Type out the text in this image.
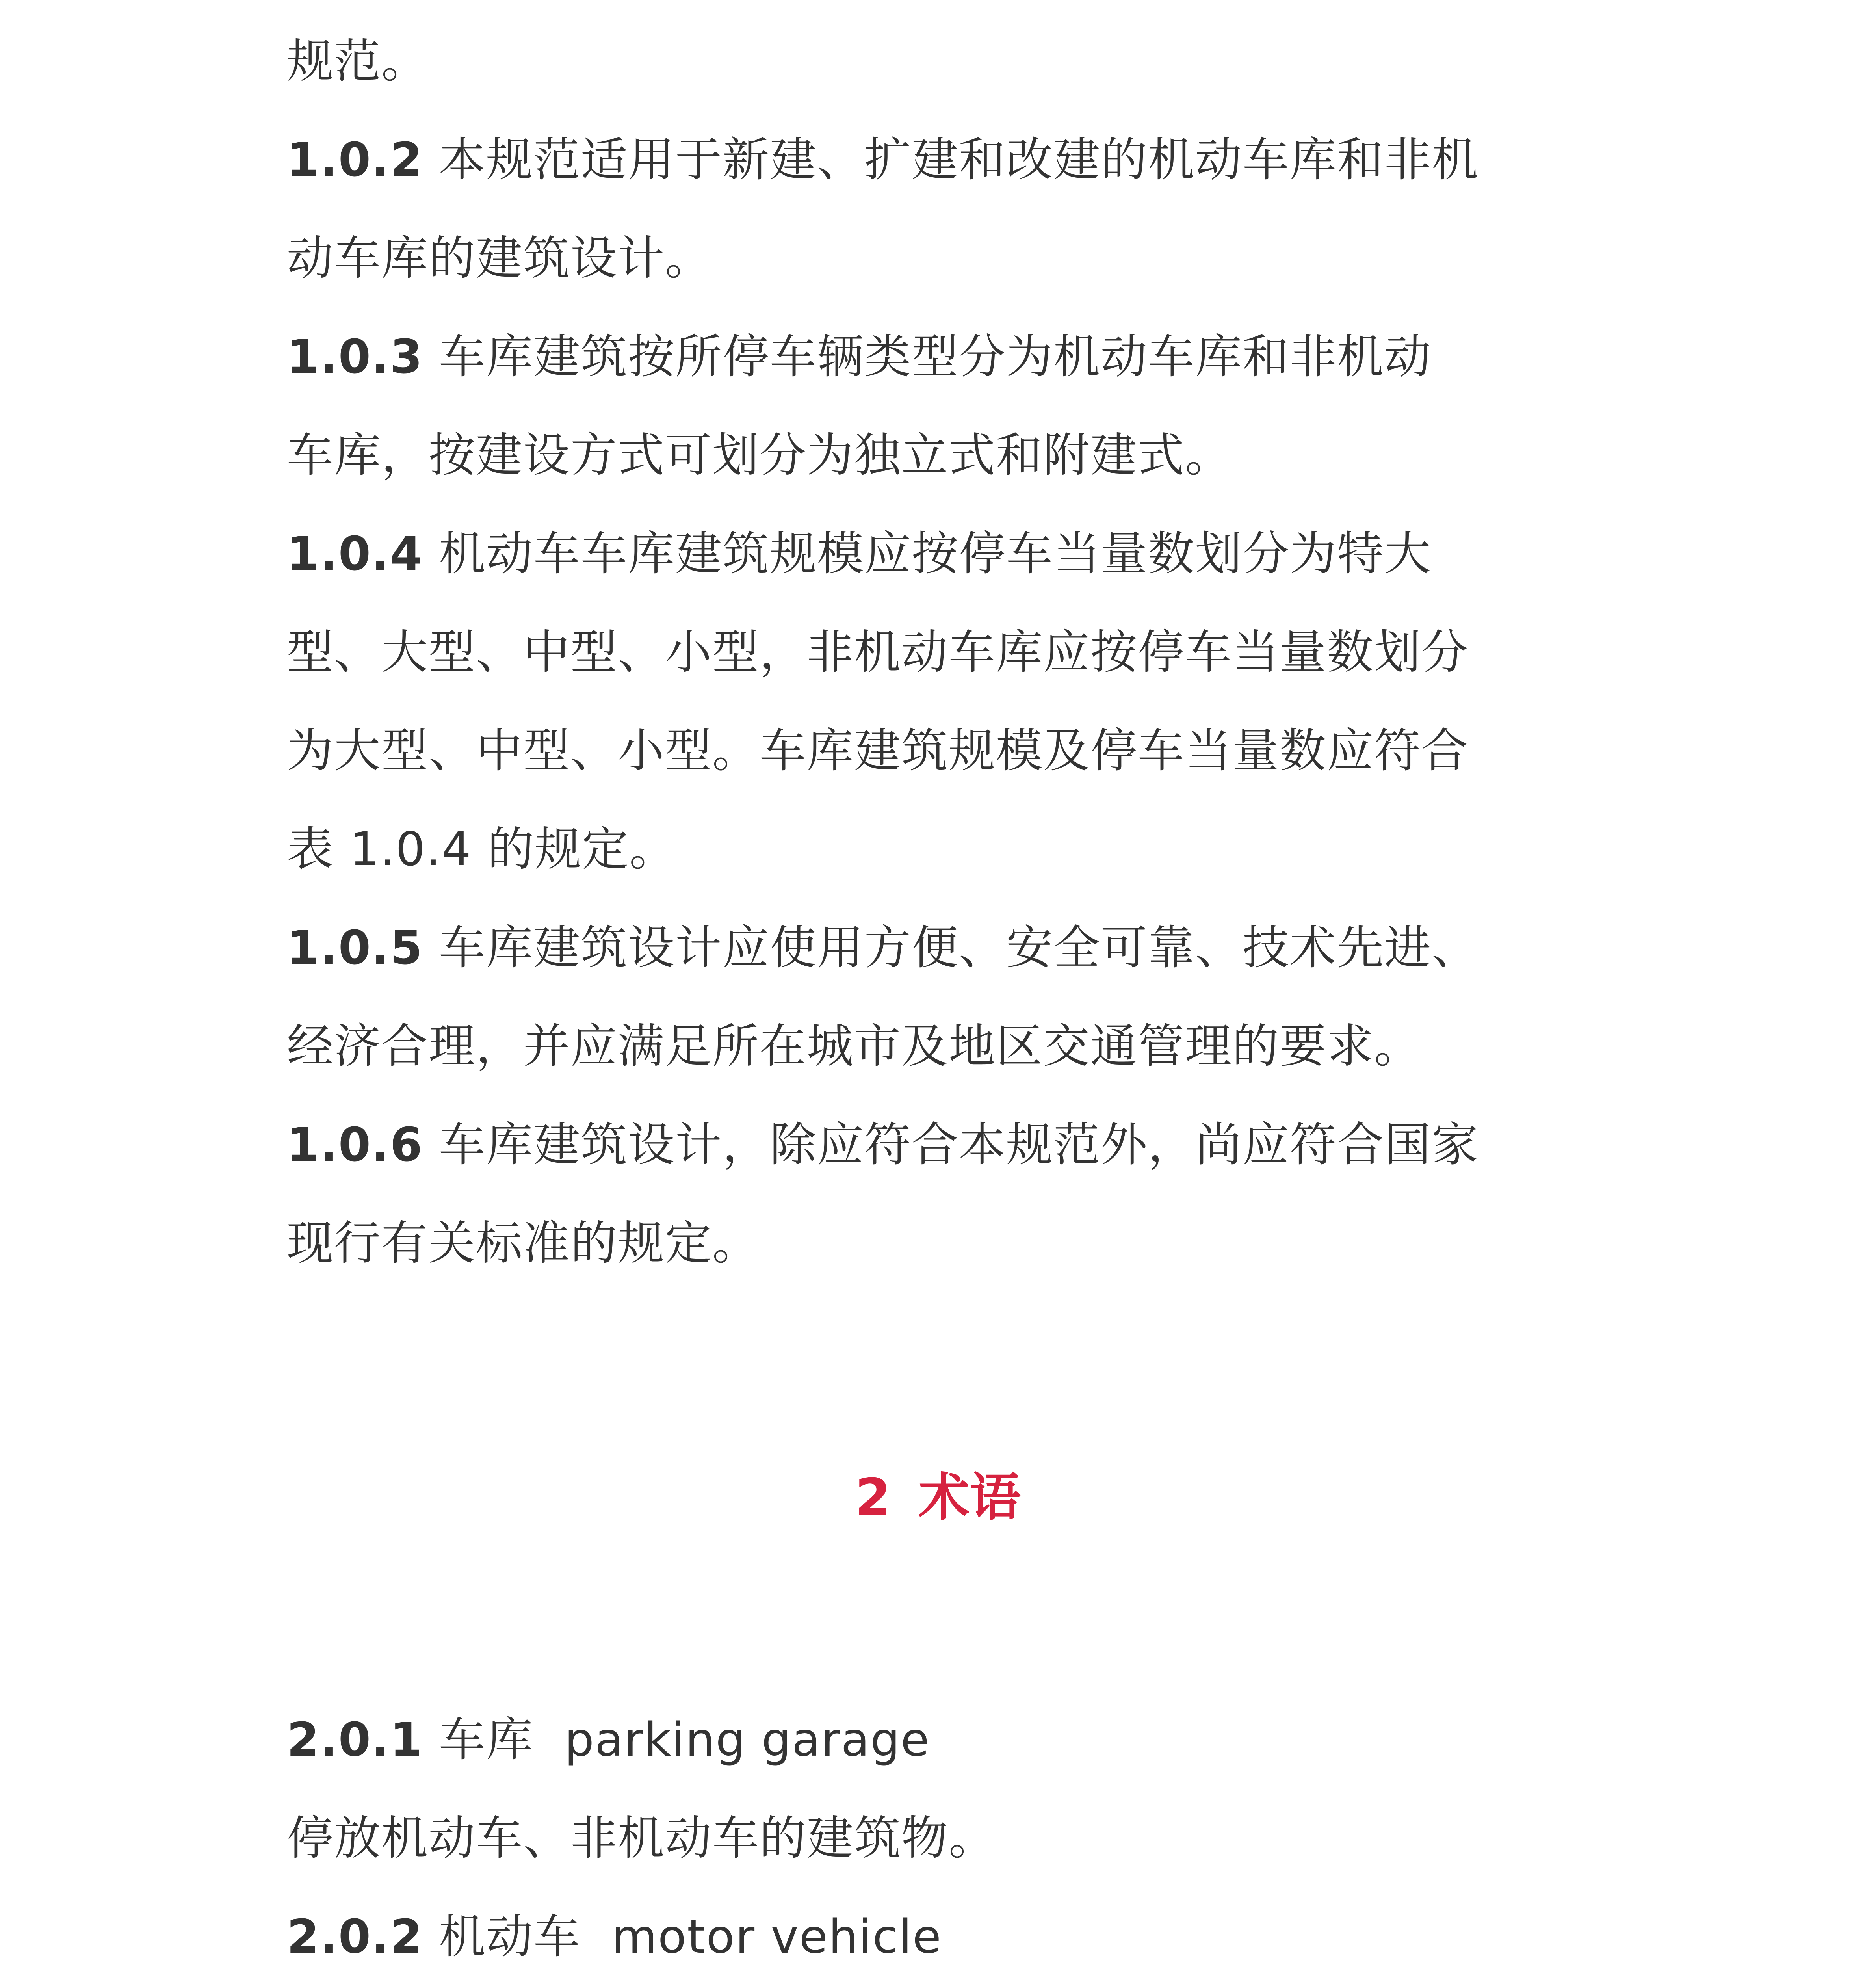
规范。
1.0.2 本规范适用于新建、扩建和改建的机动车库和非机
动车库的建筑设计。
1.0.3 车库建筑按所停车辆类型分为机动车库和非机动
车库，按建设方式可划分为独立式和附建式。
1.0.4 机动车车库建筑规模应按停车当量数划分为特大
型、大型、中型、小型，非机动车库应按停车当量数划分
为大型、中型、小型。车库建筑规模及停车当量数应符合
表 1.0.4 的规定。
1.0.5 车库建筑设计应使用方便、安全可靠、技术先进、
经济合理，并应满足所在城市及地区交通管理的要求。
1.0.6 车库建筑设计，除应符合本规范外，尚应符合国家
现行有关标准的规定。
2 术语
2.0.1 车库  parking garage
停放机动车、非机动车的建筑物。
2.0.2 机动车  motor vehicle
